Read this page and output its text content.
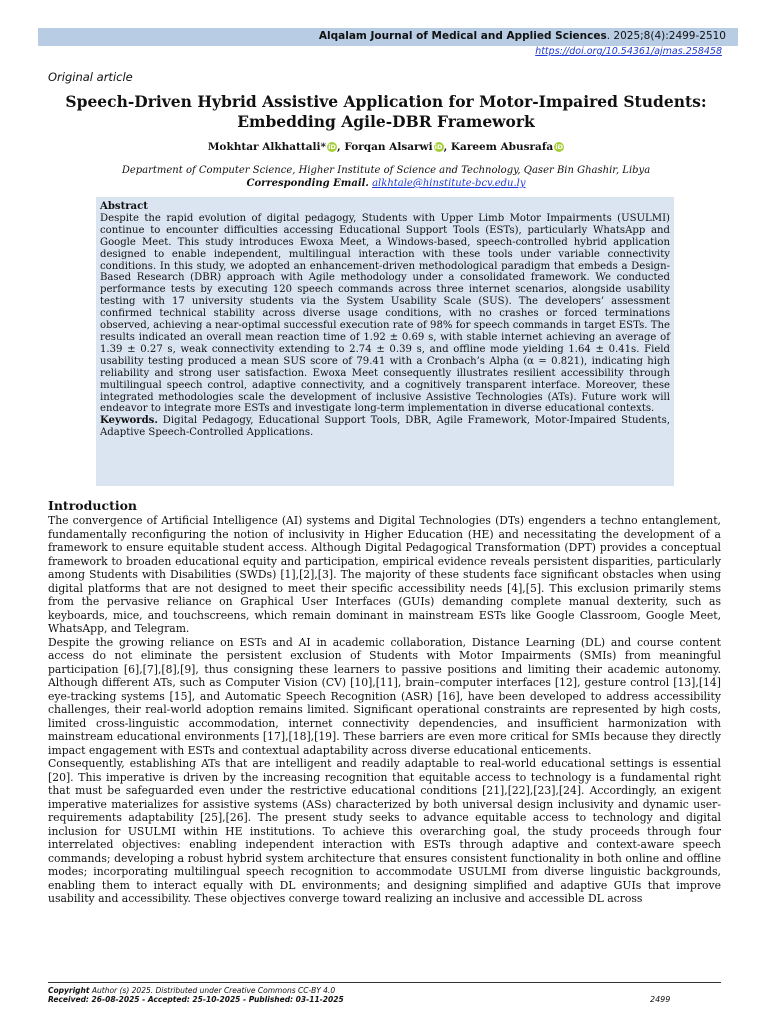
Alqalam Journal of Medical and Applied Sciences. 2025;8(4):2499-2510
https://doi.org/10.54361/ajmas.258458
Original article
Speech-Driven Hybrid Assistive Application for Motor-Impaired Students: Embedding Agile-DBR Framework
Mokhtar Alkhattali* iD, Forqan Alsarwi iD, Kareem Abusrafa iD
Department of Computer Science, Higher Institute of Science and Technology, Qaser Bin Ghashir, Libya
Corresponding Email. alkhtale@hinstitute-bcv.edu.ly
Abstract
Despite the rapid evolution of digital pedagogy, Students with Upper Limb Motor Impairments (USULMI) continue to encounter difficulties accessing Educational Support Tools (ESTs), particularly WhatsApp and Google Meet. This study introduces Ewoxa Meet, a Windows-based, speech-controlled hybrid application designed to enable independent, multilingual interaction with these tools under variable connectivity conditions. In this study, we adopted an enhancement-driven methodological paradigm that embeds a Design-Based Research (DBR) approach with Agile methodology under a consolidated framework. We conducted performance tests by executing 120 speech commands across three internet scenarios, alongside usability testing with 17 university students via the System Usability Scale (SUS). The developers’ assessment confirmed technical stability across diverse usage conditions, with no crashes or forced terminations observed, achieving a near-optimal successful execution rate of 98% for speech commands in target ESTs. The results indicated an overall mean reaction time of 1.92 ± 0.69 s, with stable internet achieving an average of 1.39 ± 0.27 s, weak connectivity extending to 2.74 ± 0.39 s, and offline mode yielding 1.64 ± 0.41s. Field usability testing produced a mean SUS score of 79.41 with a Cronbach’s Alpha (α = 0.821), indicating high reliability and strong user satisfaction. Ewoxa Meet consequently illustrates resilient accessibility through multilingual speech control, adaptive connectivity, and a cognitively transparent interface. Moreover, these integrated methodologies scale the development of inclusive Assistive Technologies (ATs). Future work will endeavor to integrate more ESTs and investigate long-term implementation in diverse educational contexts.
Keywords. Digital Pedagogy, Educational Support Tools, DBR, Agile Framework, Motor-Impaired Students, Adaptive Speech-Controlled Applications.
Introduction

The convergence of Artificial Intelligence (AI) systems and Digital Technologies (DTs) engenders a techno entanglement, fundamentally reconfiguring the notion of inclusivity in Higher Education (HE) and necessitating the development of a framework to ensure equitable student access. Although Digital Pedagogical Transformation (DPT) provides a conceptual framework to broaden educational equity and participation, empirical evidence reveals persistent disparities, particularly among Students with Disabilities (SWDs) [1],[2],[3]. The majority of these students face significant obstacles when using digital platforms that are not designed to meet their specific accessibility needs [4],[5]. This exclusion primarily stems from the pervasive reliance on Graphical User Interfaces (GUIs) demanding complete manual dexterity, such as keyboards, mice, and touchscreens, which remain dominant in mainstream ESTs like Google Classroom, Google Meet, WhatsApp, and Telegram.

Despite the growing reliance on ESTs and AI in academic collaboration, Distance Learning (DL) and course content access do not eliminate the persistent exclusion of Students with Motor Impairments (SMIs) from meaningful participation [6],[7],[8],[9], thus consigning these learners to passive positions and limiting their academic autonomy. Although different ATs, such as Computer Vision (CV) [10],[11], brain–computer interfaces [12], gesture control [13],[14] eye-tracking systems [15], and Automatic Speech Recognition (ASR) [16], have been developed to address accessibility challenges, their real-world adoption remains limited. Significant operational constraints are represented by high costs, limited cross-linguistic accommodation, internet connectivity dependencies, and insufficient harmonization with mainstream educational environments [17],[18],[19]. These barriers are even more critical for SMIs because they directly impact engagement with ESTs and contextual adaptability across diverse educational enticements.

Consequently, establishing ATs that are intelligent and readily adaptable to real-world educational settings is essential [20]. This imperative is driven by the increasing recognition that equitable access to technology is a fundamental right that must be safeguarded even under the restrictive educational conditions [21],[22],[23],[24]. Accordingly, an exigent imperative materializes for assistive systems (ASs) characterized by both universal design inclusivity and dynamic user-requirements adaptability [25],[26]. The present study seeks to advance equitable access to technology and digital inclusion for USULMI within HE institutions. To achieve this overarching goal, the study proceeds through four interrelated objectives: enabling independent interaction with ESTs through adaptive and context-aware speech commands; developing a robust hybrid system architecture that ensures consistent functionality in both online and offline modes; incorporating multilingual speech recognition to accommodate USULMI from diverse linguistic backgrounds, enabling them to interact equally with DL environments; and designing simplified and adaptive GUIs that improve usability and accessibility. These objectives converge toward realizing an inclusive and accessible DL across

Copyright Author (s) 2025. Distributed under Creative Commons CC-BY 4.0
Received: 26-08-2025 - Accepted: 25-10-2025 - Published: 03-11-2025	2499
